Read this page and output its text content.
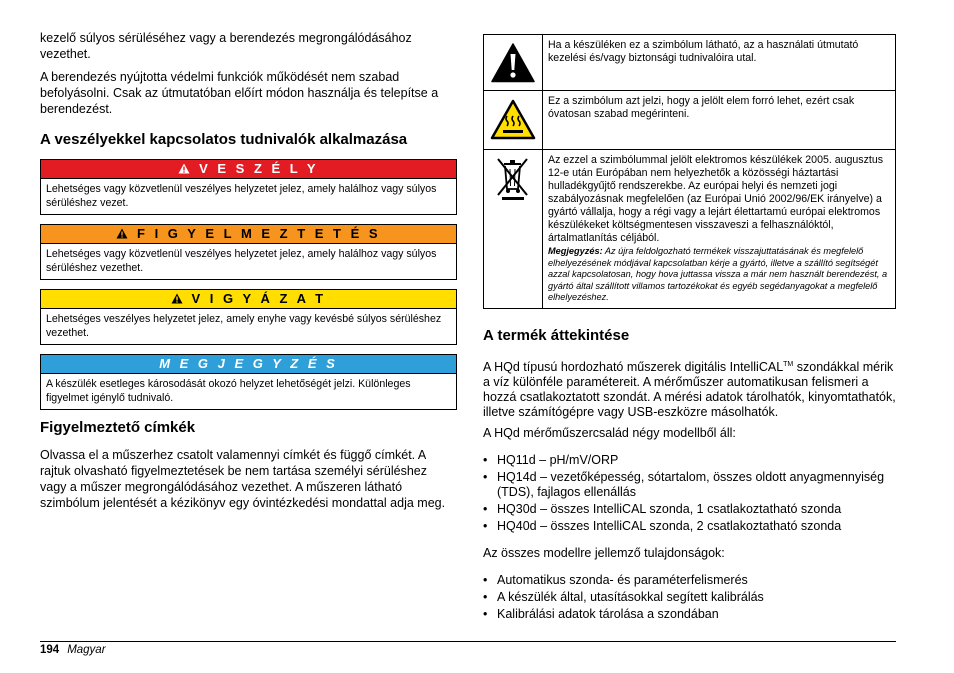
kezelő súlyos sérüléséhez vagy a berendezés megrongálódásához vezethet.

A berendezés nyújtotta védelmi funkciók működését nem szabad befolyásolni. Csak az útmutatóban előírt módon használja és telepítse a berendezést.

A veszélyekkel kapcsolatos tudnivalók alkalmazása
V E S Z É L Y
Lehetséges vagy közvetlenül veszélyes helyzetet jelez, amely halálhoz vagy súlyos sérüléshez vezet.
F I G Y E L M E Z T E T É S
Lehetséges vagy közvetlenül veszélyes helyzetet jelez, amely halálhoz vagy súlyos sérüléshez vezethet.
V I G Y Á Z A T
Lehetséges veszélyes helyzetet jelez, amely enyhe vagy kevésbé súlyos sérüléshez vezethet.
M E G J E G Y Z É S
A készülék esetleges károsodását okozó helyzet lehetőségét jelzi. Különleges figyelmet igénylő tudnivaló.
Figyelmeztető címkék

Olvassa el a műszerhez csatolt valamennyi címkét és függő címkét. A rajtuk olvasható figyelmeztetések be nem tartása személyi sérüléshez vagy a műszer megrongálódásához vezethet. A műszeren látható szimbólum jelentését a kézikönyv egy óvintézkedési mondattal adja meg.

	Ha a készüléken ez a szimbólum látható, az a használati útmutató kezelési és/vagy biztonsági tudnivalóira utal.
	Ez a szimbólum azt jelzi, hogy a jelölt elem forró lehet, ezért csak óvatosan szabad megérinteni.

Az ezzel a szimbólummal jelölt elektromos készülékek 2005. augusztus 12-e után Európában nem helyezhetők a közösségi háztartási hulladékgyűjtő rendszerekbe. Az európai helyi és nemzeti jogi szabályozásnak megfelelően (az Európai Unió 2002/96/EK irányelve) a gyártó vállalja, hogy a régi vagy a lejárt élettartamú európai elektromos készülékeket költségmentesen visszaveszi a felhasználóktól, ártalmatlanítás céljából.
Megjegyzés: Az újra feldolgozható termékek visszajuttatásának és megfelelő elhelyezésének módjával kapcsolatban kérje a gyártó, illetve a szállító segítségét azzal kapcsolatosan, hogy hova juttassa vissza a már nem használt berendezést, a gyártó által szállított villamos tartozékokat és egyéb segédanyagokat a megfelelő elhelyezéshez.
A termék áttekintése

A HQd típusú hordozható műszerek digitális IntelliCAL™ szondákkal mérik a víz különféle paramétereit. A mérőműszer automatikusan felismeri a hozzá csatlakoztatott szondát. A mérési adatok tárolhatók, kinyomtathatók, illetve számítógépre vagy USB-eszközre másolhatók.

A HQd mérőműszercsalád négy modellből áll:

• HQ11d – pH/mV/ORP
• HQ14d – vezetőképesség, sótartalom, összes oldott anyagmennyiség (TDS), fajlagos ellenállás
• HQ30d – összes IntelliCAL szonda, 1 csatlakoztatható szonda
• HQ40d – összes IntelliCAL szonda, 2 csatlakoztatható szonda

Az összes modellre jellemző tulajdonságok:

• Automatikus szonda- és paraméterfelismerés
• A készülék által, utasításokkal segített kalibrálás
• Kalibrálási adatok tárolása a szondában
194 Magyar
